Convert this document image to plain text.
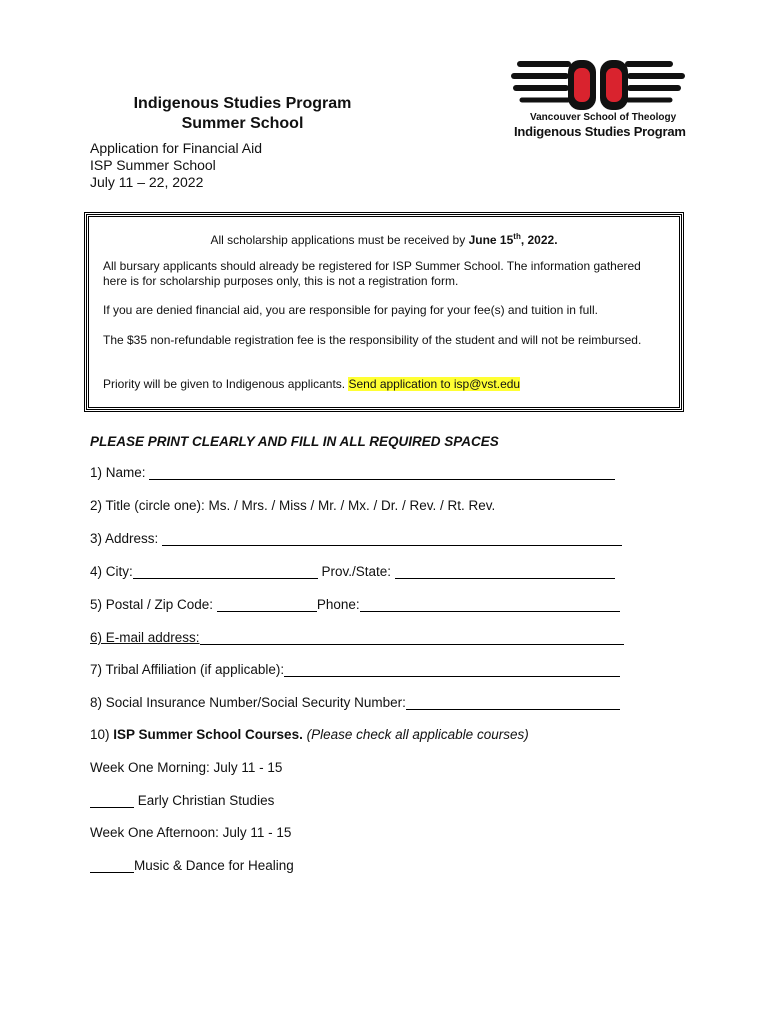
Indigenous Studies Program
Summer School
Application for Financial Aid
ISP Summer School
July 11 – 22, 2022
Vancouver School of Theology
Indigenous Studies Program

All scholarship applications must be received by June 15th, 2022.

All bursary applicants should already be registered for ISP Summer School. The information gathered here is for scholarship purposes only, this is not a registration form.

If you are denied financial aid, you are responsible for paying for your fee(s) and tuition in full.

The $35 non-refundable registration fee is the responsibility of the student and will not be reimbursed.

Priority will be given to Indigenous applicants. Send application to isp@vst.edu

PLEASE PRINT CLEARLY AND FILL IN ALL REQUIRED SPACES
1) Name:
2) Title (circle one): Ms. / Mrs. / Miss / Mr. / Mx. / Dr. / Rev. / Rt. Rev.
3) Address:
4) City:	Prov./State:
5) Postal / Zip Code:	Phone:
6) E-mail address:
7) Tribal Affiliation (if applicable):
8) Social Insurance Number/Social Security Number:
10) ISP Summer School Courses. (Please check all applicable courses)
Week One Morning: July 11 - 15
Early Christian Studies
Week One Afternoon: July 11 - 15
Music & Dance for Healing
